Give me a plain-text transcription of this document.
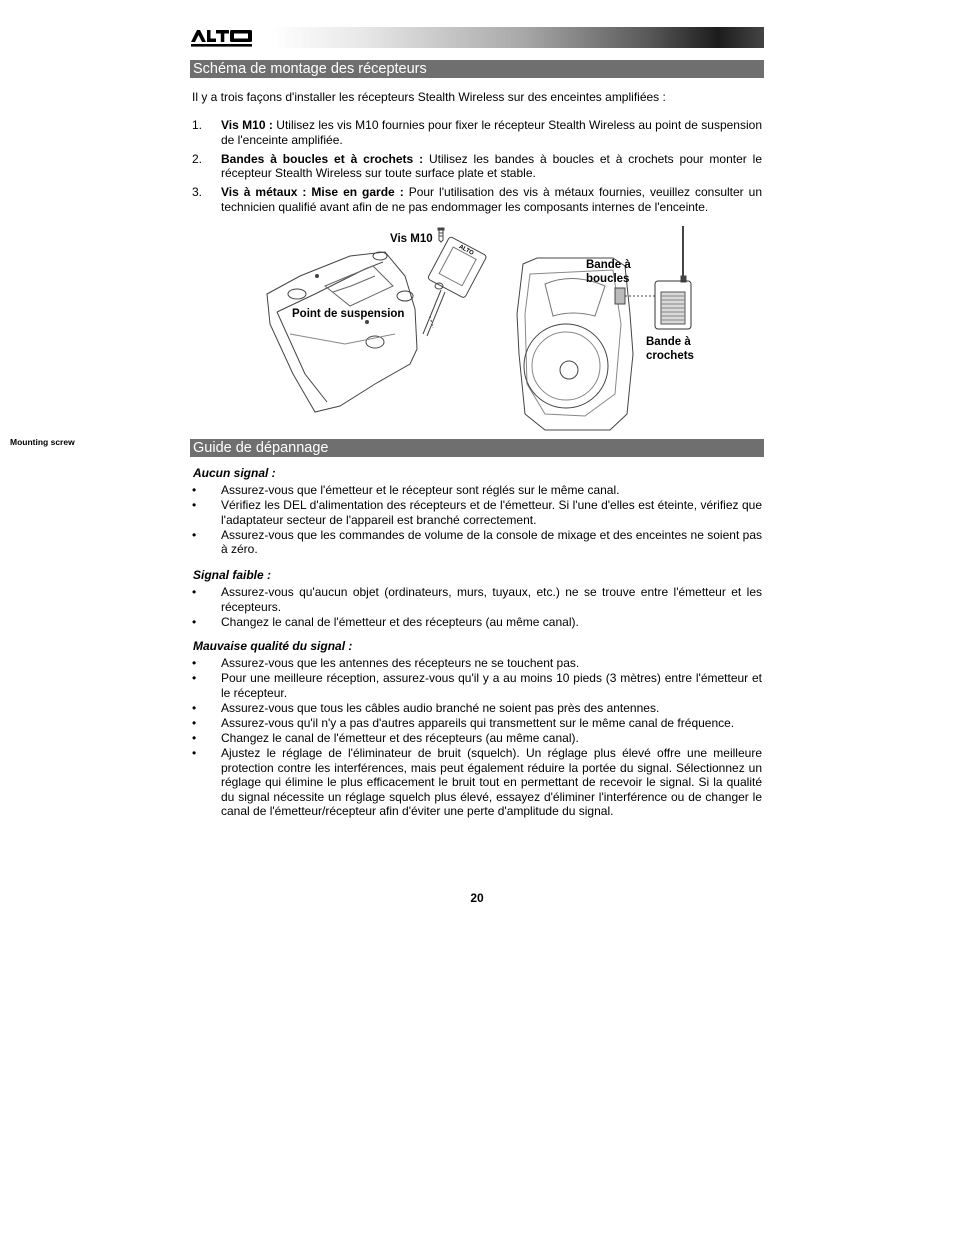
Schéma de montage des récepteurs
Il y a trois façons d'installer les récepteurs Stealth Wireless sur des enceintes amplifiées :
1. Vis M10 : Utilisez les vis M10 fournies pour fixer le récepteur Stealth Wireless au point de suspension de l'enceinte amplifiée.
2. Bandes à boucles et à crochets : Utilisez les bandes à boucles et à crochets pour monter le récepteur Stealth Wireless sur toute surface plate et stable.
3. Vis à métaux : Mise en garde : Pour l'utilisation des vis à métaux fournies, veuillez consulter un technicien qualifié avant afin de ne pas endommager les composants internes de l'enceinte.
ALTO
Vis M10
Point de suspension
Bande à boucles
Bande à crochets
Mounting screw	Guide de dépannage
Aucun signal :
• Assurez-vous que l'émetteur et le récepteur sont réglés sur le même canal.
• Vérifiez les DEL d'alimentation des récepteurs et de l'émetteur. Si l'une d'elles est éteinte, vérifiez que l'adaptateur secteur de l'appareil est branché correctement.
• Assurez-vous que les commandes de volume de la console de mixage et des enceintes ne soient pas à zéro.
Signal faible :
• Assurez-vous qu'aucun objet (ordinateurs, murs, tuyaux, etc.) ne se trouve entre l'émetteur et les récepteurs.
• Changez le canal de l'émetteur et des récepteurs (au même canal).
Mauvaise qualité du signal :
• Assurez-vous que les antennes des récepteurs ne se touchent pas.
• Pour une meilleure réception, assurez-vous qu'il y a au moins 10 pieds (3 mètres) entre l'émetteur et le récepteur.
• Assurez-vous que tous les câbles audio branché ne soient pas près des antennes.
• Assurez-vous qu'il n'y a pas d'autres appareils qui transmettent sur le même canal de fréquence.
• Changez le canal de l'émetteur et des récepteurs (au même canal).
• Ajustez le réglage de l'éliminateur de bruit (squelch). Un réglage plus élevé offre une meilleure protection contre les interférences, mais peut également réduire la portée du signal. Sélectionnez un réglage qui élimine le plus efficacement le bruit tout en permettant de recevoir le signal. Si la qualité du signal nécessite un réglage squelch plus élevé, essayez d'éliminer l'interférence ou de changer le canal de l'émetteur/récepteur afin d'éviter une perte d'amplitude du signal.
20
